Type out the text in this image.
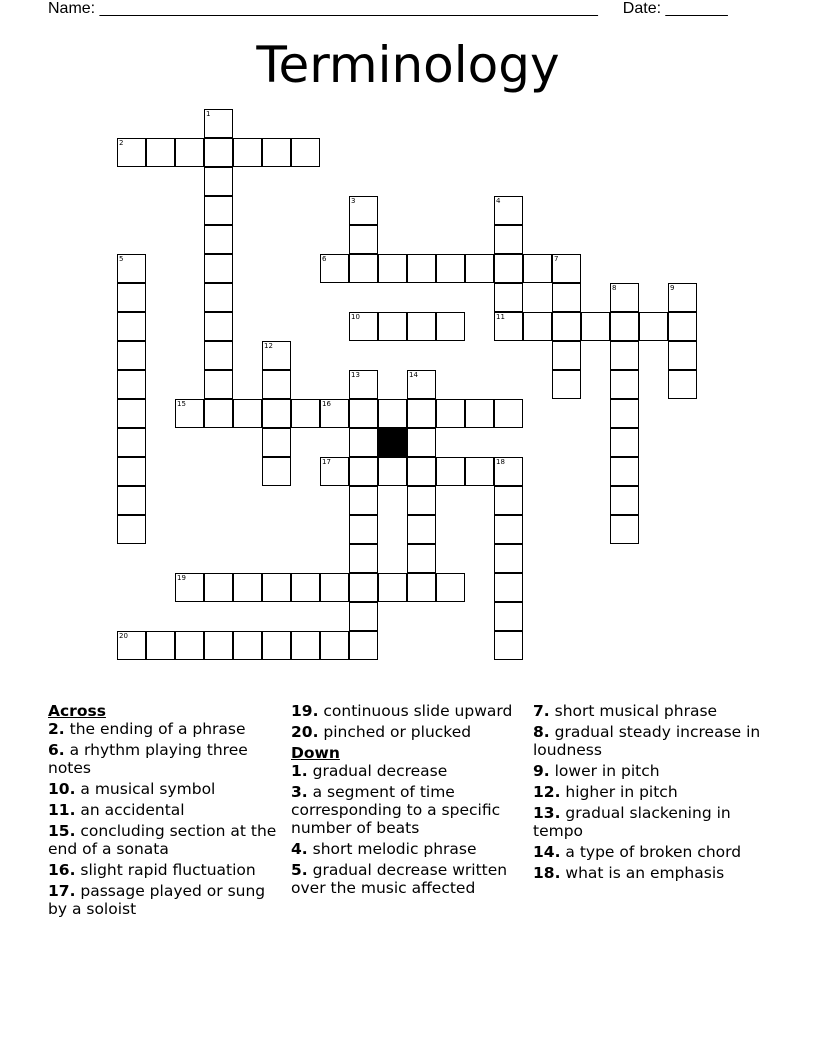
Name: ________________________________________________________ Date: _______
Terminology
1
2
3	4
5	6	7
8	9
10	11
12
13	14
15	16
17	18
19
20

Across

2. the ending of a phrase

6. a rhythm playing three notes

10. a musical symbol

11. an accidental

15. concluding section at the end of a sonata

16. slight rapid fluctuation

17. passage played or sung by a soloist

19. continuous slide upward

20. pinched or plucked

Down

1. gradual decrease

3. a segment of time corresponding to a specific number of beats

4. short melodic phrase

5. gradual decrease written over the music affected

7. short musical phrase

8. gradual steady increase in loudness

9. lower in pitch

12. higher in pitch

13. gradual slackening in tempo

14. a type of broken chord

18. what is an emphasis
